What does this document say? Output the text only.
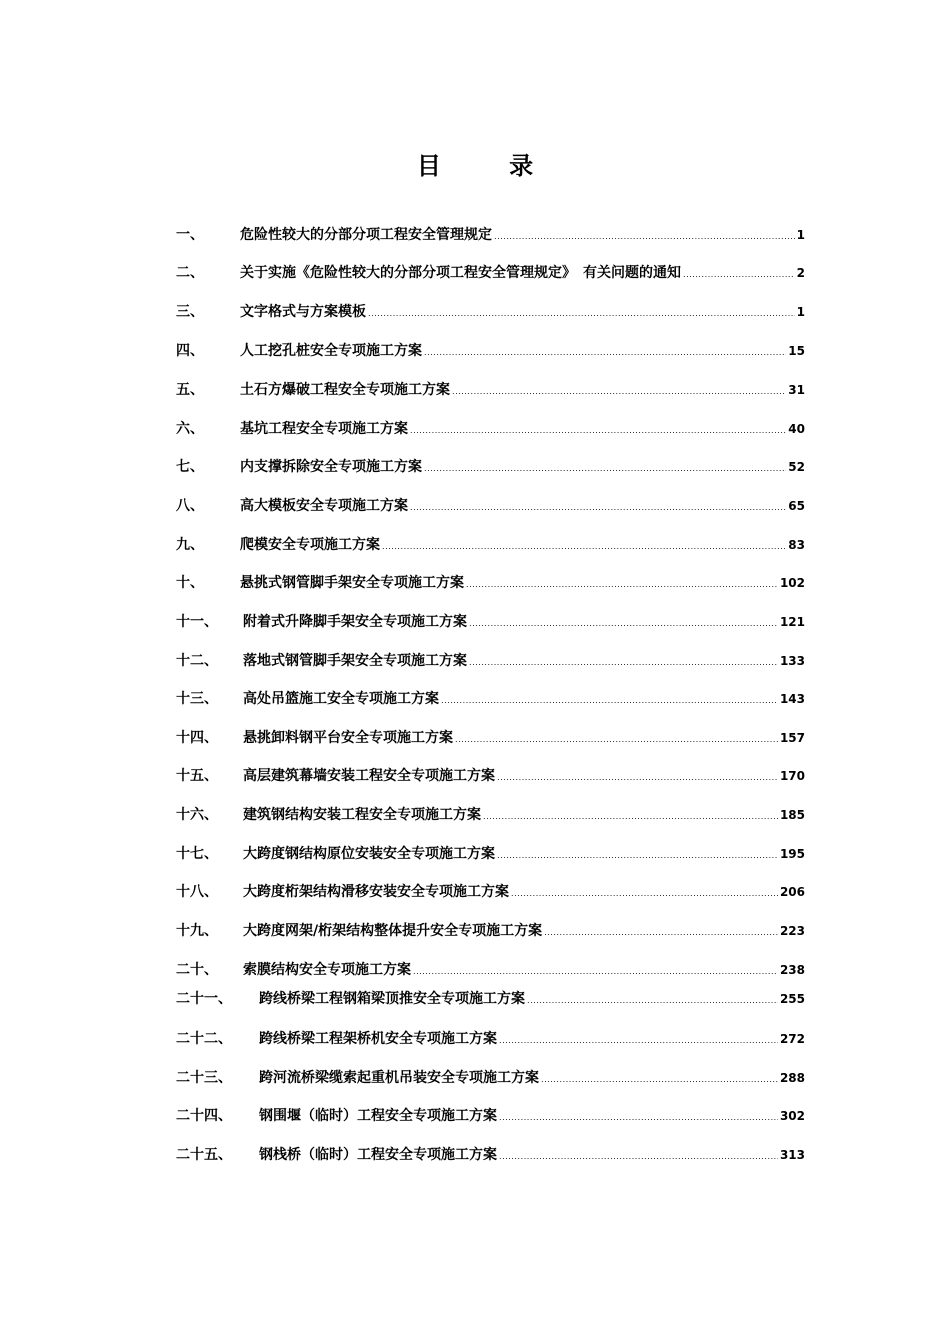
目 录
一、	危险性较大的分部分项工程安全管理规定 . . .	1
二、	关于实施《危险性较大的分部分项工程安全管理规定》　有关问题的通知 . . .	2
三、	文字格式与方案模板 . . .	1
四、	人工挖孔桩安全专项施工方案 . . .	15
五、	土石方爆破工程安全专项施工方案 . . .	31
六、	基坑工程安全专项施工方案 . . .	40
七、	内支撑拆除安全专项施工方案 . . .	52
八、	高大模板安全专项施工方案 . . .	65
九、	爬模安全专项施工方案 . . .	83
十、	悬挑式钢管脚手架安全专项施工方案 . . .	102
十一、 附着式升降脚手架安全专项施工方案 . . .	121
十二、 落地式钢管脚手架安全专项施工方案 . . .	133
十三、 高处吊篮施工安全专项施工方案 . . .	143
十四、 悬挑卸料钢平台安全专项施工方案 . . .	157
十五、 高层建筑幕墙安装工程安全专项施工方案 . . .	170
十六、 建筑钢结构安装工程安全专项施工方案 . . .	185
十七、 大跨度钢结构原位安装安全专项施工方案 . . .	195
十八、 大跨度桁架结构滑移安装安全专项施工方案 . . .	206
十九、 大跨度网架/桁架结构整体提升安全专项施工方案 . . .	223
二十、 索膜结构安全专项施工方案 . . .	238
二十一、 跨线桥梁工程钢箱梁顶推安全专项施工方案 . . .	255
二十二、 跨线桥梁工程架桥机安全专项施工方案 . . .	272
二十三、 跨河流桥梁缆索起重机吊装安全专项施工方案 . . .	288
二十四、 钢围堰（临时）工程安全专项施工方案 . . .	302
二十五、 钢栈桥（临时）工程安全专项施工方案 . . .	313
